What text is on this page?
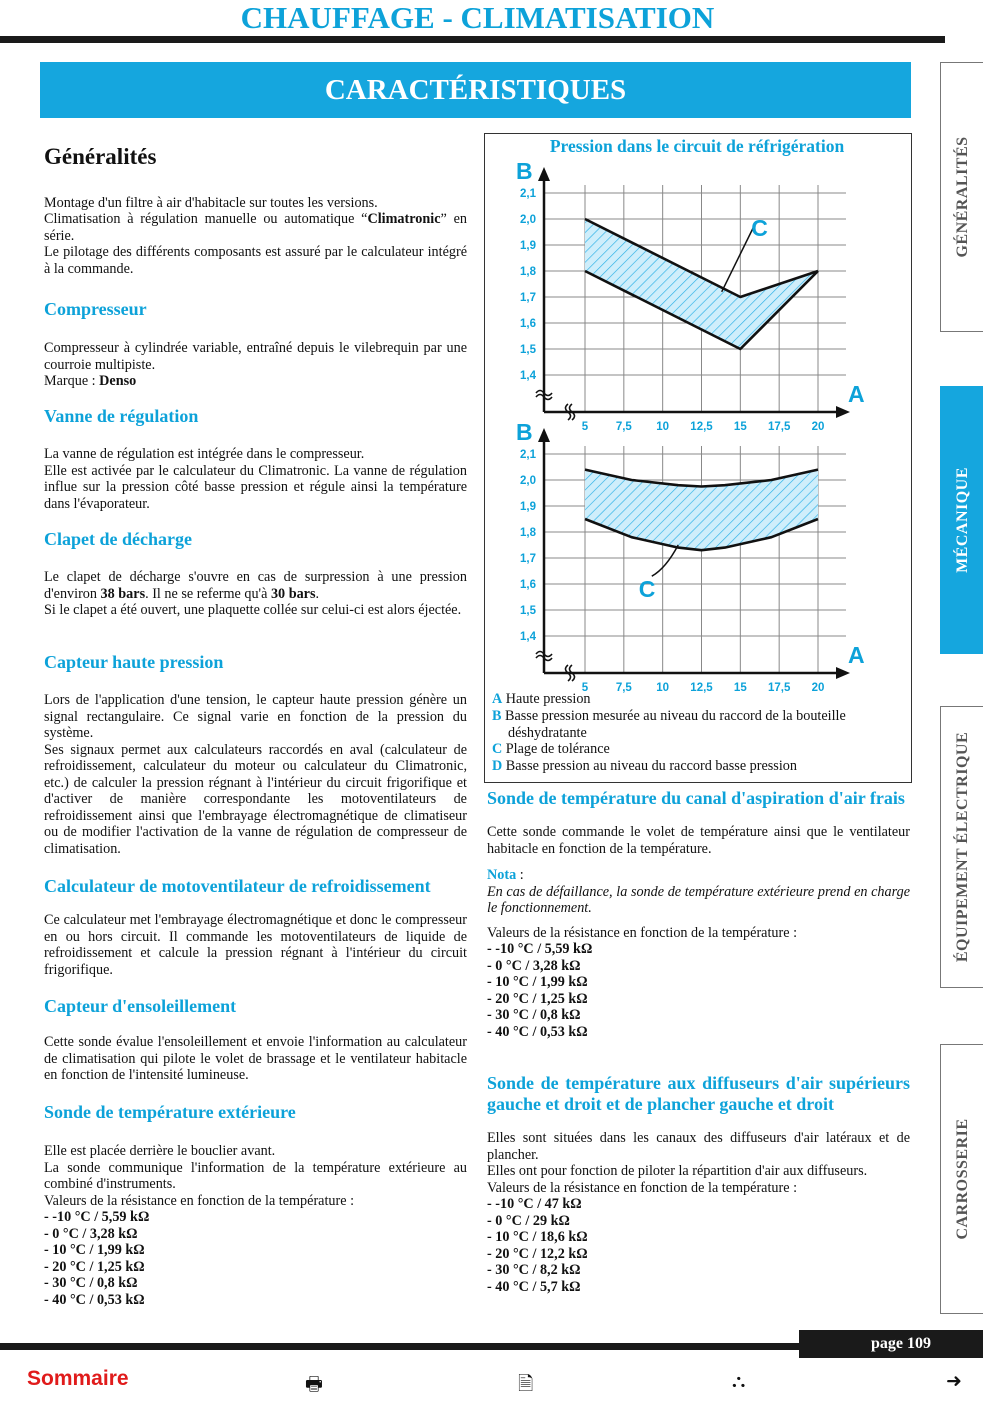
CHAUFFAGE - CLIMATISATION
CARACTÉRISTIQUES
GÉNÉRALITÉS
MÉCANIQUE
ÉQUIPEMENT ÉLECTRIQUE
CARROSSERIE
Généralités

Montage d'un filtre à air d'habitacle sur toutes les versions.

Climatisation à régulation manuelle ou automatique “Climatronic” en série.

Le pilotage des différents composants est assuré par le calculateur intégré à la commande.

Compresseur

Compresseur à cylindrée variable, entraîné depuis le vilebrequin par une courroie multipiste.

Marque : Denso

Vanne de régulation

La vanne de régulation est intégrée dans le compresseur.

Elle est activée par le calculateur du Climatronic. La vanne de régulation influe sur la pression côté basse pression et régule ainsi la température dans l'évaporateur.

Clapet de décharge

Le clapet de décharge s'ouvre en cas de surpression à une pression d'environ 38 bars. Il ne se referme qu'à 30 bars.

Si le clapet a été ouvert, une plaquette collée sur celui-ci est alors éjectée.

Capteur haute pression

Lors de l'application d'une tension, le capteur haute pression génère un signal rectangulaire. Ce signal varie en fonction de la pression du système.

Ses signaux permet aux calculateurs raccordés en aval (calculateur de refroidissement, calculateur du moteur ou calculateur du Climatronic, etc.) de calculer la pression régnant à l'intérieur du circuit frigorifique et d'activer de manière correspondante les motoventilateurs de refroidissement ainsi que l'embrayage électromagnétique de climatiseur ou de modifier l'activation de la vanne de régulation de compresseur de climatisation.

Calculateur de motoventilateur de refroidissement

Ce calculateur met l'embrayage électromagnétique et donc le compresseur en ou hors circuit. Il commande les motoventilateurs de liquide de refroidissement et calcule la pression régnant à l'intérieur du circuit frigorifique.

Capteur d'ensoleillement

Cette sonde évalue l'ensoleillement et envoie l'information au calculateur de climatisation qui pilote le volet de brassage et le ventilateur habitacle en fonction de l'intensité lumineuse.

Sonde de température extérieure

Elle est placée derrière le bouclier avant.

La sonde communique l'information de la température extérieure au combiné d'instruments.

Valeurs de la résistance en fonction de la température :

- -10 °C / 5,59 kΩ
- 0 °C / 3,28 kΩ
- 10 °C / 1,99 kΩ
- 20 °C / 1,25 kΩ
- 30 °C / 0,8 kΩ
- 40 °C / 0,53 kΩ
Pression dans le circuit de réfrigération
2,1
2,0
1,9
1,8
1,7
1,6
1,5
1,4
5 7,5 10 12,5 15 17,5 20
B
A
C
2,1
2,0
1,9
1,8
1,7
1,6
1,5
1,4
5 7,5 10 12,5 15 17,5 20
B
A
C
A Haute pression
B Basse pression mesurée au niveau du raccord de la bouteille déshydratante
C Plage de tolérance
D Basse pression au niveau du raccord basse pression
Sonde de température du canal d'aspiration d'air frais

Cette sonde commande le volet de température ainsi que le ventilateur habitacle en fonction de la température.

Nota :

En cas de défaillance, la sonde de température extérieure prend en charge le fonctionnement.

Valeurs de la résistance en fonction de la température :

- -10 °C / 5,59 kΩ
- 0 °C / 3,28 kΩ
- 10 °C / 1,99 kΩ
- 20 °C / 1,25 kΩ
- 30 °C / 0,8 kΩ
- 40 °C / 0,53 kΩ
Sonde de température aux diffuseurs d'air supérieurs gauche et droit et de plancher gauche et droit

Elles sont situées dans les canaux des diffuseurs d'air latéraux et de plancher.

Elles ont pour fonction de piloter la répartition d'air aux diffuseurs.

Valeurs de la résistance en fonction de la température :

- -10 °C / 47 kΩ
- 0 °C / 29 kΩ
- 10 °C / 18,6 kΩ
- 20 °C / 12,2 kΩ
- 30 °C / 8,2 kΩ
- 40 °C / 5,7 kΩ
page 109
Sommaire	🖶	🗎	⛬	➜
